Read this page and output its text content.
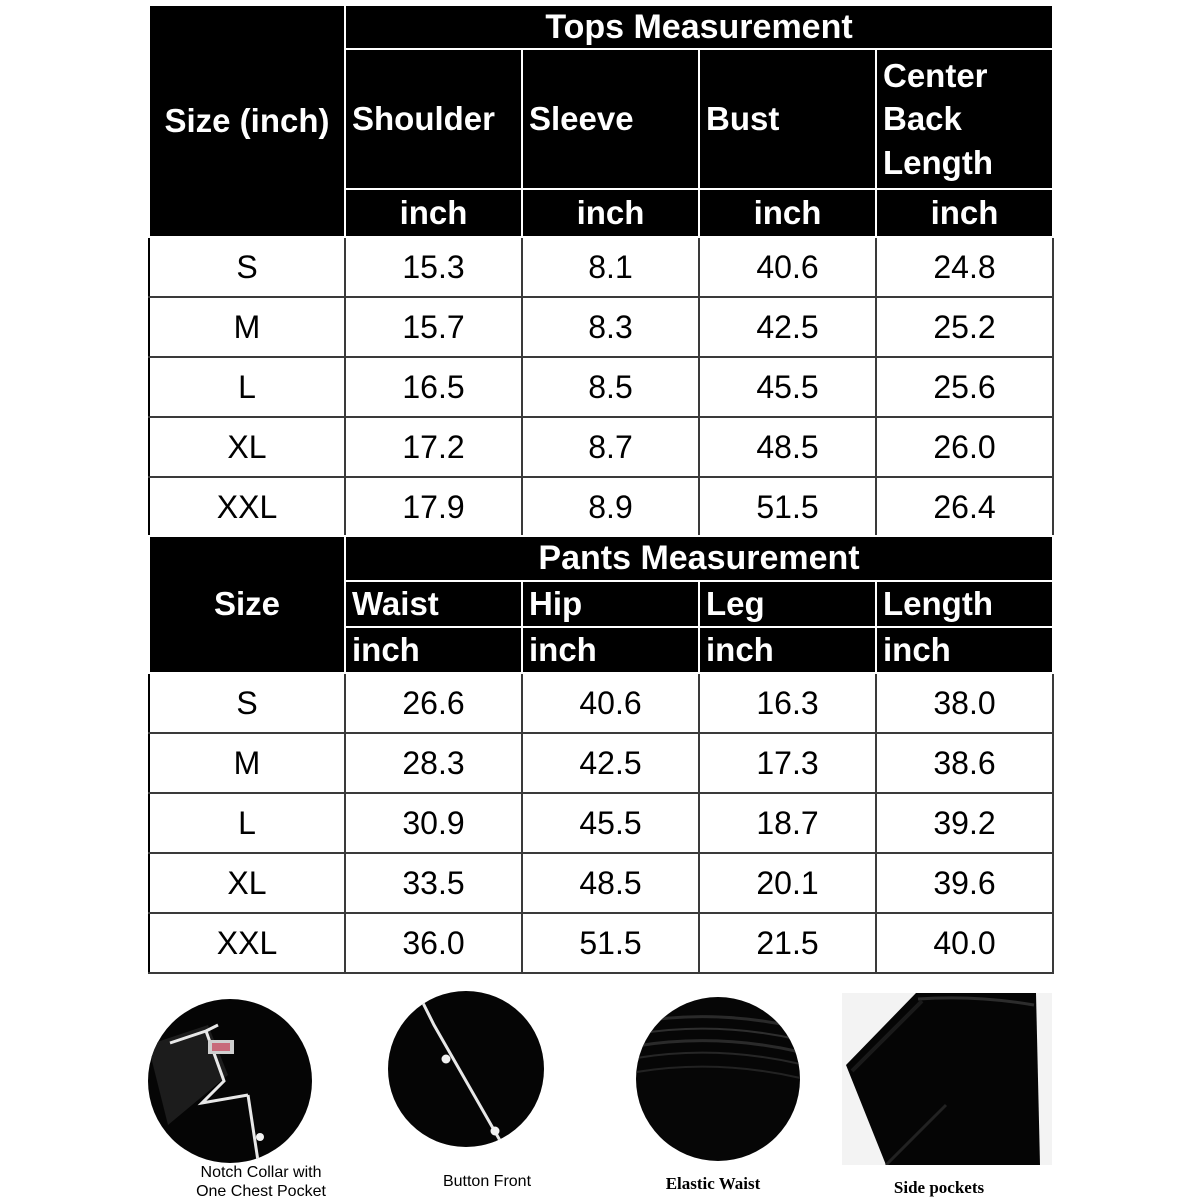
Size (inch)	Tops Measurement			
	Shoulder	Sleeve	Bust	Center Back Length
	inch	inch	inch	inch
S	15.3	8.1	40.6	24.8
M	15.7	8.3	42.5	25.2
L	16.5	8.5	45.5	25.6
XL	17.2	8.7	48.5	26.0
XXL	17.9	8.9	51.5	26.4
Size	Pants Measurement			
	Waist	Hip	Leg	Length
	inch	inch	inch	inch
S	26.6	40.6	16.3	38.0
M	28.3	42.5	17.3	38.6
L	30.9	45.5	18.7	39.2
XL	33.5	48.5	20.1	39.6
XXL	36.0	51.5	21.5	40.0
Notch Collar with
One Chest Pocket
Button Front	Elastic Waist	Side pockets
